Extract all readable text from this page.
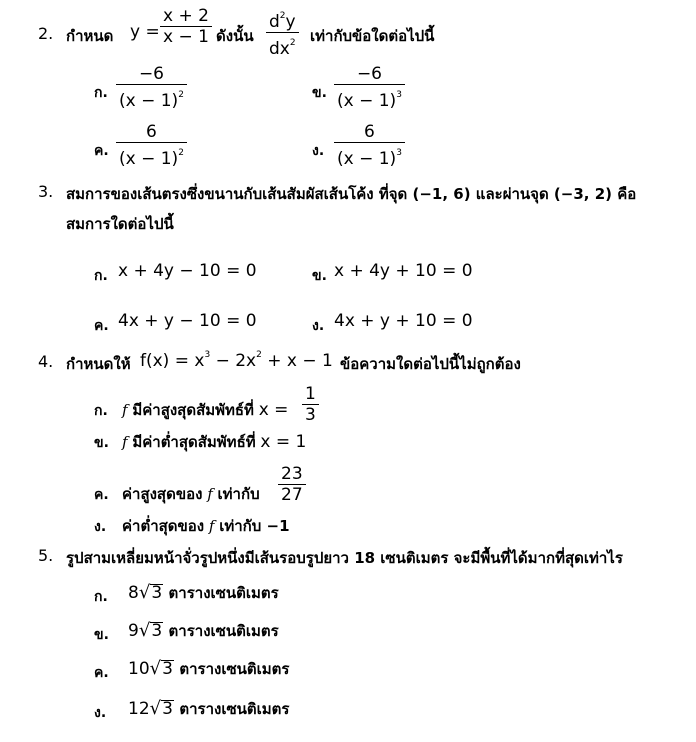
2. กำหนด $y = \frac{x + 2}{x - 1}$ ดังนั้น $\frac{d^2y}{dx^2}$ เท่ากับข้อใดต่อไปนี้
ก. $\frac{-6}{(x - 1)^2}$	ข. $\frac{-6}{(x - 1)^3}$
ค. $\frac{6}{(x - 1)^2}$	ง. $\frac{6}{(x - 1)^3}$
3. สมการของเส้นตรงซึ่งขนานกับเส้นสัมผัสเส้นโค้ง ที่จุด (−1, 6) และผ่านจุด (−3, 2) คือ
สมการใดต่อไปนี้
ก. x + 4y − 10 = 0	ข. x + 4y + 10 = 0
ค. 4x + y − 10 = 0	ง. 4x + y + 10 = 0
4. กำหนดให้ $f(x) = x^3 - 2x^2 + x - 1$ ข้อความใดต่อไปนี้ไม่ถูกต้อง
ก. f มีค่าสูงสุดสัมพัทธ์ที่ $x = \frac{1}{3}$
ข. f มีค่าต่ำสุดสัมพัทธ์ที่ x = 1
ค. ค่าสูงสุดของ f เท่ากับ $\frac{23}{27}$
ง. ค่าต่ำสุดของ f เท่ากับ −1
5. รูปสามเหลี่ยมหน้าจั่วรูปหนึ่งมีเส้นรอบรูปยาว 18 เซนติเมตร จะมีพื้นที่ได้มากที่สุดเท่าไร
ก. 8√3 ตารางเซนติเมตร
ข. 9√3 ตารางเซนติเมตร
ค. 10√3 ตารางเซนติเมตร
ง. 12√3 ตารางเซนติเมตร
